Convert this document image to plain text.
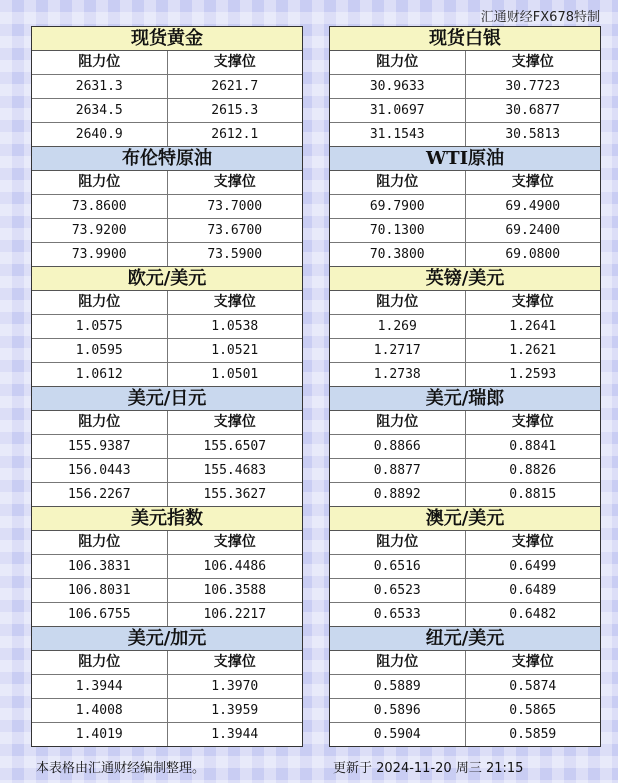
汇通财经FX678特制
现货黄金
阻力位	支撑位
2631.3	2621.7
2634.5	2615.3
2640.9	2612.1
布伦特原油
阻力位	支撑位
73.8600	73.7000
73.9200	73.6700
73.9900	73.5900
欧元/美元
阻力位	支撑位
1.0575	1.0538
1.0595	1.0521
1.0612	1.0501
美元/日元
阻力位	支撑位
155.9387	155.6507
156.0443	155.4683
156.2267	155.3627
美元指数
阻力位	支撑位
106.3831	106.4486
106.8031	106.3588
106.6755	106.2217
美元/加元
阻力位	支撑位
1.3944	1.3970
1.4008	1.3959
1.4019	1.3944
现货白银
阻力位	支撑位
30.9633	30.7723
31.0697	30.6877
31.1543	30.5813
WTI原油
阻力位	支撑位
69.7900	69.4900
70.1300	69.2400
70.3800	69.0800
英镑/美元
阻力位	支撑位
1.269	1.2641
1.2717	1.2621
1.2738	1.2593
美元/瑞郎
阻力位	支撑位
0.8866	0.8841
0.8877	0.8826
0.8892	0.8815
澳元/美元
阻力位	支撑位
0.6516	0.6499
0.6523	0.6489
0.6533	0.6482
纽元/美元
阻力位	支撑位
0.5889	0.5874
0.5896	0.5865
0.5904	0.5859
本表格由汇通财经编制整理。	更新于 2024-11-20 周三 21:15
